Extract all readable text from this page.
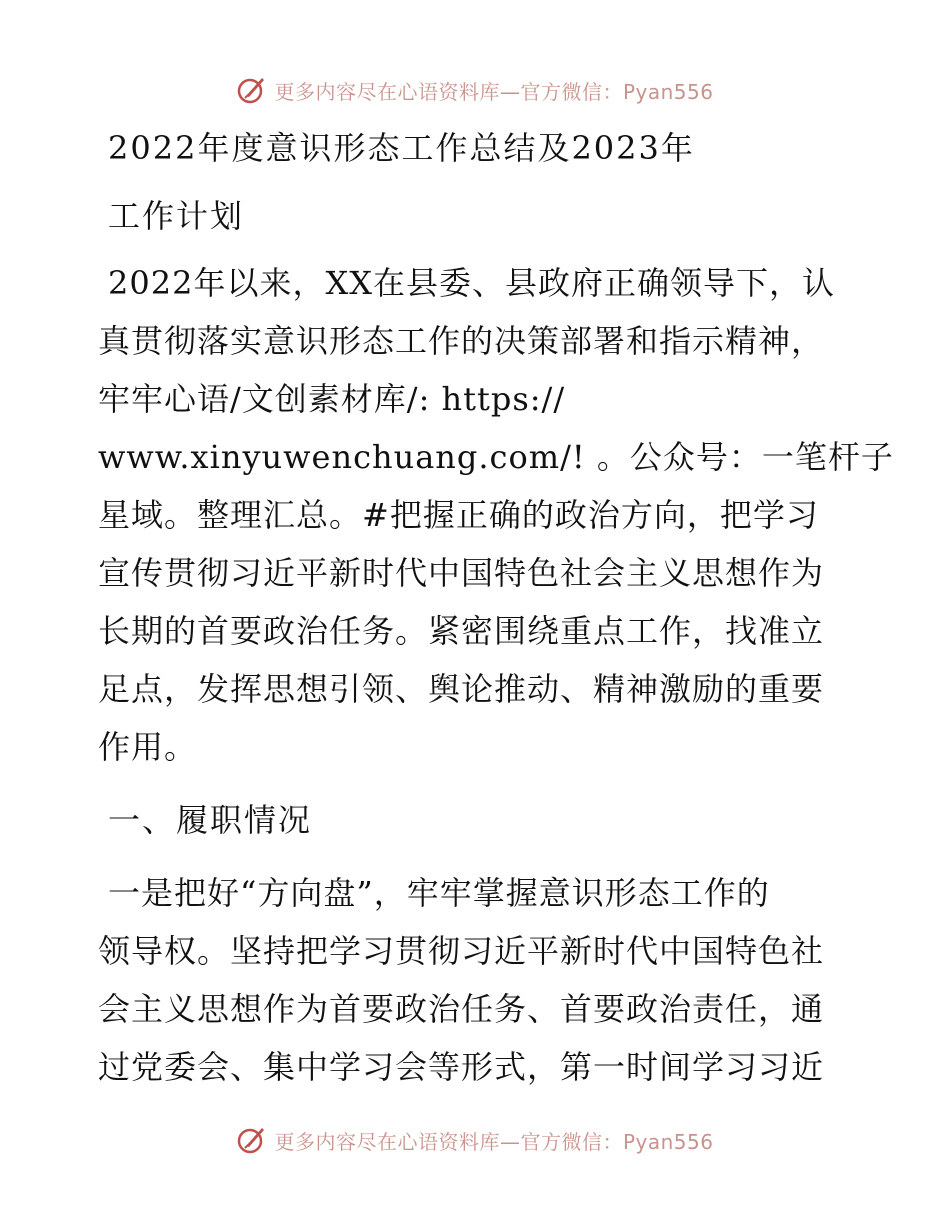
更多内容尽在心语资料库—官方微信：Pyan556
2022年度意识形态工作总结及2023年
工作计划

2022年以来，XX在县委、县政府正确领导下，认
真贯彻落实意识形态工作的决策部署和指示精神，
牢牢心语/文创素材库/: https://
www.xinyuwenchuang.com/! 。公众号：一笔杆子
星域。整理汇总。#把握正确的政治方向，把学习
宣传贯彻习近平新时代中国特色社会主义思想作为
长期的首要政治任务。紧密围绕重点工作，找准立
足点，发挥思想引领、舆论推动、精神激励的重要
作用。

一、履职情况

一是把好“方向盘”，牢牢掌握意识形态工作的
领导权。坚持把学习贯彻习近平新时代中国特色社
会主义思想作为首要政治任务、首要政治责任，通
过党委会、集中学习会等形式，第一时间学习习近

更多内容尽在心语资料库—官方微信：Pyan556
